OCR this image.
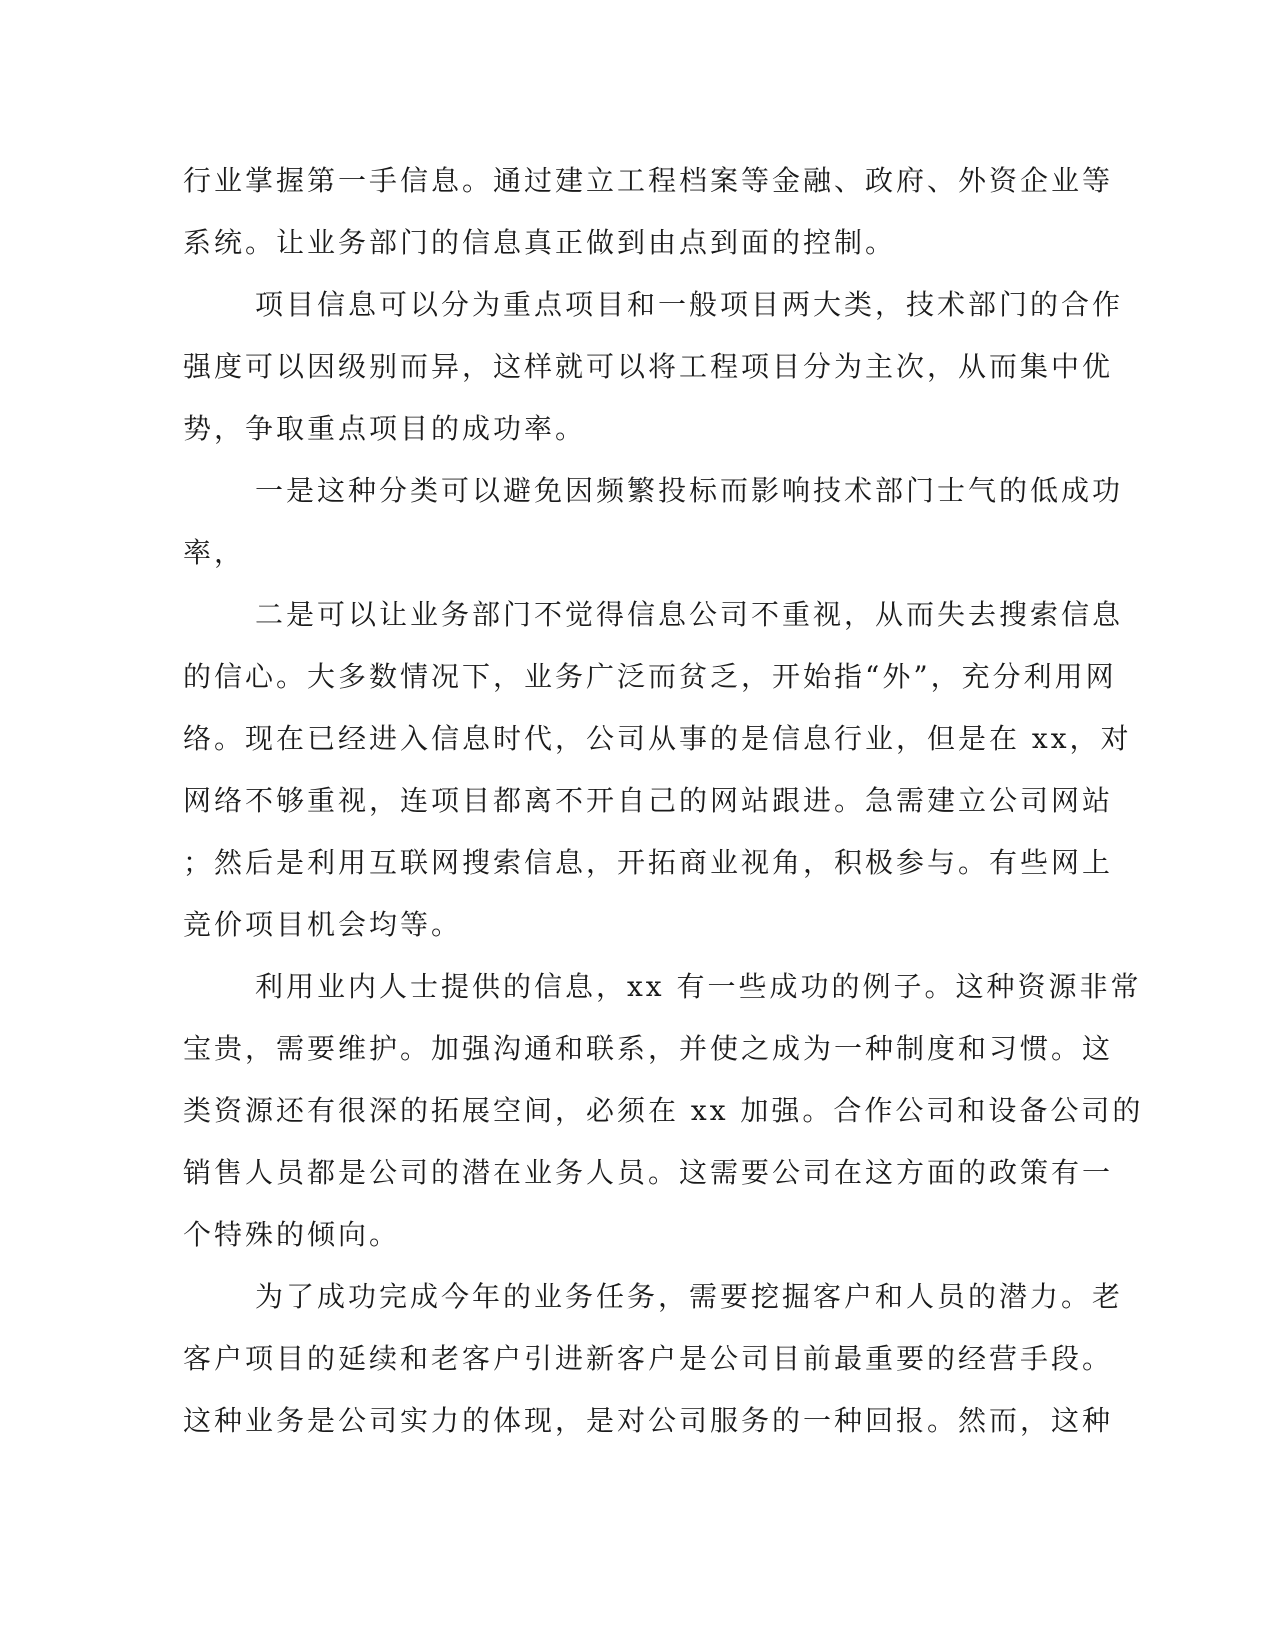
行业掌握第一手信息。通过建立工程档案等金融、政府、外资企业等
系统。让业务部门的信息真正做到由点到面的控制。
项目信息可以分为重点项目和一般项目两大类，技术部门的合作
强度可以因级别而异，这样就可以将工程项目分为主次，从而集中优
势，争取重点项目的成功率。
一是这种分类可以避免因频繁投标而影响技术部门士气的低成功
率，
二是可以让业务部门不觉得信息公司不重视，从而失去搜索信息
的信心。大多数情况下，业务广泛而贫乏，开始指“外”，充分利用网
络。现在已经进入信息时代，公司从事的是信息行业，但是在 xx，对
网络不够重视，连项目都离不开自己的网站跟进。急需建立公司网站
；然后是利用互联网搜索信息，开拓商业视角，积极参与。有些网上
竞价项目机会均等。
利用业内人士提供的信息，xx 有一些成功的例子。这种资源非常
宝贵，需要维护。加强沟通和联系，并使之成为一种制度和习惯。这
类资源还有很深的拓展空间，必须在 xx 加强。合作公司和设备公司的
销售人员都是公司的潜在业务人员。这需要公司在这方面的政策有一
个特殊的倾向。
为了成功完成今年的业务任务，需要挖掘客户和人员的潜力。老
客户项目的延续和老客户引进新客户是公司目前最重要的经营手段。
这种业务是公司实力的体现，是对公司服务的一种回报。然而，这种
